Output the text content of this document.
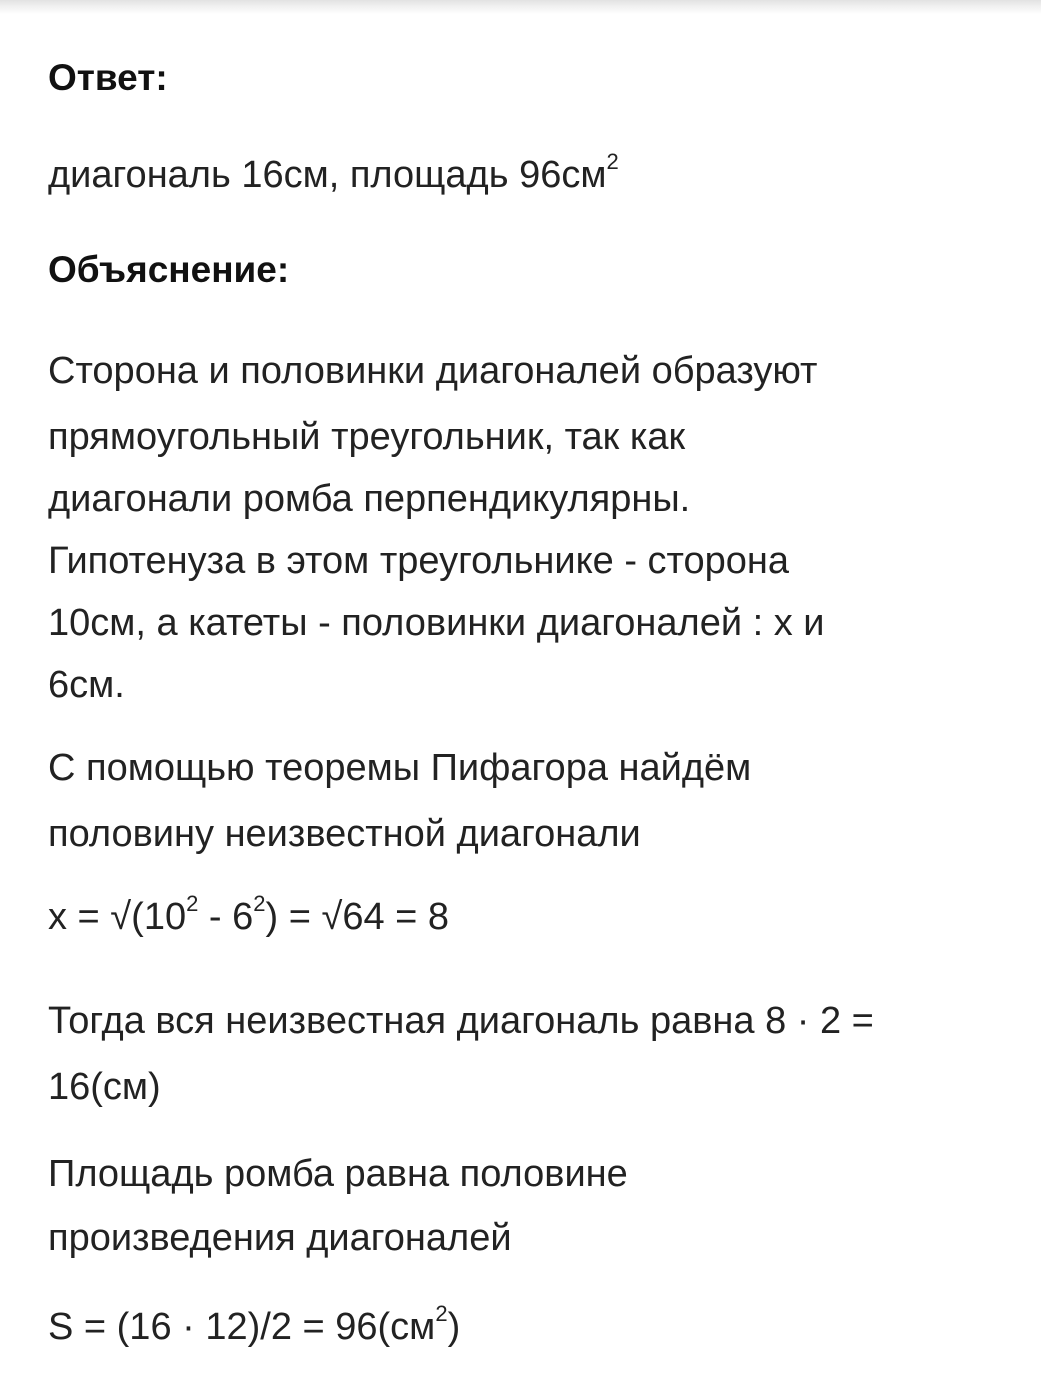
Ответ:
диагональ 16см, площадь $96см^2$
Объяснение:
Сторона и половинки диагоналей образуют
прямоугольный треугольник, так как
диагонали ромба перпендикулярны.
Гипотенуза в этом треугольнике - сторона
10см, а катеты - половинки диагоналей : х и
6см.
С помощью теоремы Пифагора найдём
половину неизвестной диагонали
$х = √(10^2 - 6^2) = √64 = 8$
Тогда вся неизвестная диагональ равна 8 · 2 =
16(см)
Площадь ромба равна половине
произведения диагоналей
$S = (16 \cdot 12)/2 = 96(см^2)$
